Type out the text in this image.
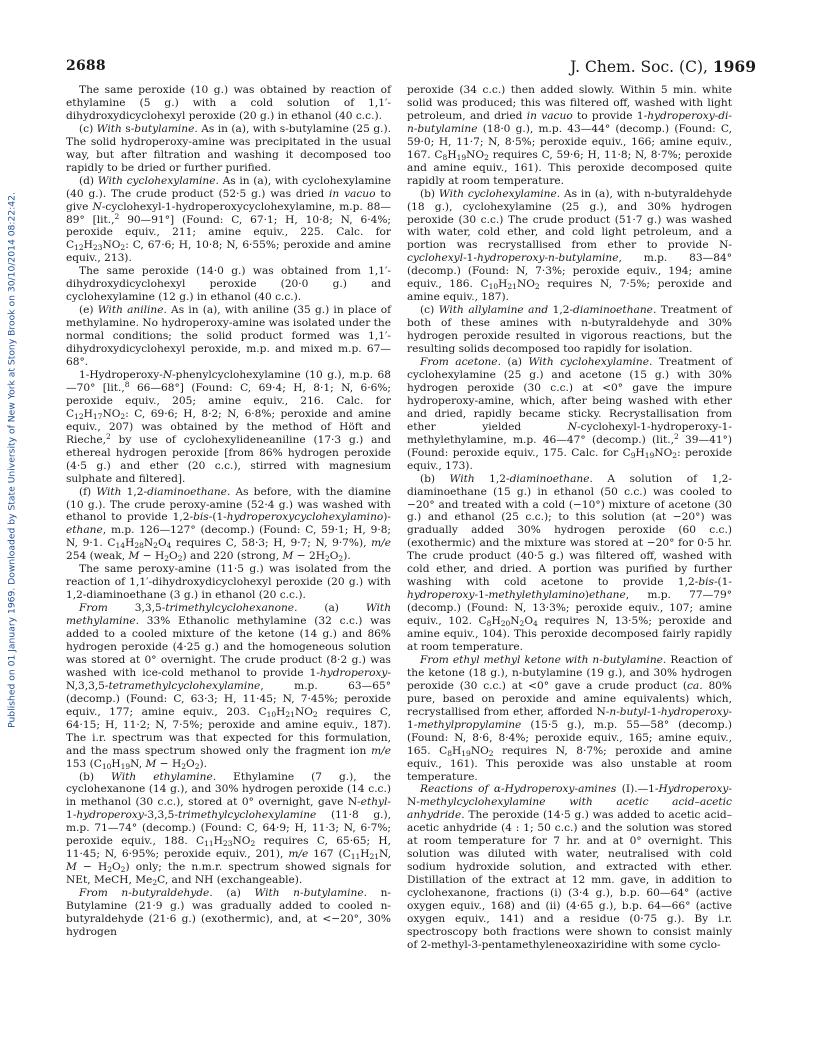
Published on 01 January 1969. Downloaded by State University of New York at Stony Brook on 30/10/2014 08:22:42.
2688	J. Chem. Soc. (C), 1969

The same peroxide (10 g.) was obtained by reaction of ethylamine (5 g.) with a cold solution of 1,1′-dihydroxydicyclohexyl peroxide (20 g.) in ethanol (40 c.c.).

(c) With s-butylamine. As in (a), with s-butylamine (25 g.). The solid hydroperoxy-amine was precipitated in the usual way, but after filtration and washing it decomposed too rapidly to be dried or further purified.

(d) With cyclohexylamine. As in (a), with cyclohexylamine (40 g.). The crude product (52·5 g.) was dried in vacuo to give N-cyclohexyl-1-hydroperoxycyclohexylamine, m.p. 88—89° [lit.,$^2$ 90—91°] (Found: C, 67·1; H, 10·8; N, 6·4%; peroxide equiv., 211; amine equiv., 225. Calc. for $C_{12}H_{23}NO_2$: C, 67·6; H, 10·8; N, 6·55%; peroxide and amine equiv., 213).

The same peroxide (14·0 g.) was obtained from 1,1′-dihydroxydicyclohexyl peroxide (20·0 g.) and cyclohexylamine (12 g.) in ethanol (40 c.c.).

(e) With aniline. As in (a), with aniline (35 g.) in place of methylamine. No hydroperoxy-amine was isolated under the normal conditions; the solid product formed was 1,1′-dihydroxydicyclohexyl peroxide, m.p. and mixed m.p. 67—68°.

1-Hydroperoxy-N-phenylcyclohexylamine (10 g.), m.p. 68—70° [lit.,$^8$ 66—68°] (Found: C, 69·4; H, 8·1; N, 6·6%; peroxide equiv., 205; amine equiv., 216. Calc. for $C_{12}H_{17}NO_2$: C, 69·6; H, 8·2; N, 6·8%; peroxide and amine equiv., 207) was obtained by the method of Höft and Rieche,$^2$ by use of cyclohexylideneaniline (17·3 g.) and ethereal hydrogen peroxide [from 86% hydrogen peroxide (4·5 g.) and ether (20 c.c.), stirred with magnesium sulphate and filtered].

(f) With 1,2-diaminoethane. As before, with the diamine (10 g.). The crude peroxy-amine (52·4 g.) was washed with ethanol to provide 1,2-bis-(1-hydroperoxycyclohexylamino)-ethane, m.p. 126—127° (decomp.) (Found: C, 59·1; H, 9·8; N, 9·1. $C_{14}H_{28}N_2O_4$ requires C, 58·3; H, 9·7; N, 9·7%), m/e 254 (weak, $M - H_2O_2$) and 220 (strong, $M - 2H_2O_2$).

The same peroxy-amine (11·5 g.) was isolated from the reaction of 1,1′-dihydroxydicyclohexyl peroxide (20 g.) with 1,2-diaminoethane (3 g.) in ethanol (20 c.c.).

From 3,3,5-trimethylcyclohexanone. (a) With methylamine. 33% Ethanolic methylamine (32 c.c.) was added to a cooled mixture of the ketone (14 g.) and 86% hydrogen peroxide (4·25 g.) and the homogeneous solution was stored at 0° overnight. The crude product (8·2 g.) was washed with ice-cold methanol to provide 1-hydroperoxy-N,3,3,5-tetramethylcyclohexylamine, m.p. 63—65° (decomp.) (Found: C, 63·3; H, 11·45; N, 7·45%; peroxide equiv., 177; amine equiv., 203. $C_{10}H_{21}NO_2$ requires C, 64·15; H, 11·2; N, 7·5%; peroxide and amine equiv., 187). The i.r. spectrum was that expected for this formulation, and the mass spectrum showed only the fragment ion m/e 153 ($C_{10}H_{19}N$, $M - H_2O_2$).

(b) With ethylamine. Ethylamine (7 g.), the cyclohexanone (14 g.), and 30% hydrogen peroxide (14 c.c.) in methanol (30 c.c.), stored at 0° overnight, gave N-ethyl-1-hydroperoxy-3,3,5-trimethylcyclohexylamine (11·8 g.), m.p. 71—74° (decomp.) (Found: C, 64·9; H, 11·3; N, 6·7%; peroxide equiv., 188. $C_{11}H_{23}NO_2$ requires C, 65·65; H, 11·45; N, 6·95%; peroxide equiv., 201), m/e 167 ($C_{11}H_{21}N$, $M - H_2O_2$) only; the n.m.r. spectrum showed signals for NEt, MeCH, $Me_2C$, and NH (exchangeable).

From n-butyraldehyde. (a) With n-butylamine. n-Butylamine (21·9 g.) was gradually added to cooled n-butyraldehyde (21·6 g.) (exothermic), and, at <−20°, 30% hydrogen

peroxide (34 c.c.) then added slowly. Within 5 min. white solid was produced; this was filtered off, washed with light petroleum, and dried in vacuo to provide 1-hydroperoxy-di-n-butylamine (18·0 g.), m.p. 43—44° (decomp.) (Found: C, 59·0; H, 11·7; N, 8·5%; peroxide equiv., 166; amine equiv., 167. $C_8H_{19}NO_2$ requires C, 59·6; H, 11·8; N, 8·7%; peroxide and amine equiv., 161). This peroxide decomposed quite rapidly at room temperature.

(b) With cyclohexylamine. As in (a), with n-butyraldehyde (18 g.), cyclohexylamine (25 g.), and 30% hydrogen peroxide (30 c.c.) The crude product (51·7 g.) was washed with water, cold ether, and cold light petroleum, and a portion was recrystallised from ether to provide N-cyclohexyl-1-hydroperoxy-n-butylamine, m.p. 83—84° (decomp.) (Found: N, 7·3%; peroxide equiv., 194; amine equiv., 186. $C_{10}H_{21}NO_2$ requires N, 7·5%; peroxide and amine equiv., 187).

(c) With allylamine and 1,2-diaminoethane. Treatment of both of these amines with n-butyraldehyde and 30% hydrogen peroxide resulted in vigorous reactions, but the resulting solids decomposed too rapidly for isolation.

From acetone. (a) With cyclohexylamine. Treatment of cyclohexylamine (25 g.) and acetone (15 g.) with 30% hydrogen peroxide (30 c.c.) at <0° gave the impure hydroperoxy-amine, which, after being washed with ether and dried, rapidly became sticky. Recrystallisation from ether yielded N-cyclohexyl-1-hydroperoxy-1-methylethylamine, m.p. 46—47° (decomp.) (lit.,$^2$ 39—41°) (Found: peroxide equiv., 175. Calc. for $C_9H_{19}NO_2$: peroxide equiv., 173).

(b) With 1,2-diaminoethane. A solution of 1,2-diaminoethane (15 g.) in ethanol (50 c.c.) was cooled to −20° and treated with a cold (−10°) mixture of acetone (30 g.) and ethanol (25 c.c.); to this solution (at −20°) was gradually added 30% hydrogen peroxide (60 c.c.) (exothermic) and the mixture was stored at −20° for 0·5 hr. The crude product (40·5 g.) was filtered off, washed with cold ether, and dried. A portion was purified by further washing with cold acetone to provide 1,2-bis-(1-hydroperoxy-1-methylethylamino)ethane, m.p. 77—79° (decomp.) (Found: N, 13·3%; peroxide equiv., 107; amine equiv., 102. $C_8H_{20}N_2O_4$ requires N, 13·5%; peroxide and amine equiv., 104). This peroxide decomposed fairly rapidly at room temperature.

From ethyl methyl ketone with n-butylamine. Reaction of the ketone (18 g.), n-butylamine (19 g.), and 30% hydrogen peroxide (30 c.c.) at <0° gave a crude product (ca. 80% pure, based on peroxide and amine equivalents) which, recrystallised from ether, afforded N-n-butyl-1-hydroperoxy-1-methylpropylamine (15·5 g.), m.p. 55—58° (decomp.) (Found: N, 8·6, 8·4%; peroxide equiv., 165; amine equiv., 165. $C_8H_{19}NO_2$ requires N, 8·7%; peroxide and amine equiv., 161). This peroxide was also unstable at room temperature.

Reactions of α-Hydroperoxy-amines (I).—1-Hydroperoxy-N-methylcyclohexylamine with acetic acid–acetic anhydride. The peroxide (14·5 g.) was added to acetic acid–acetic anhydride (4 : 1; 50 c.c.) and the solution was stored at room temperature for 7 hr. and at 0° overnight. This solution was diluted with water, neutralised with cold sodium hydroxide solution, and extracted with ether. Distillation of the extract at 12 mm. gave, in addition to cyclohexanone, fractions (i) (3·4 g.), b.p. 60—64° (active oxygen equiv., 168) and (ii) (4·65 g.), b.p. 64—66° (active oxygen equiv., 141) and a residue (0·75 g.). By i.r. spectroscopy both fractions were shown to consist mainly of 2-methyl-3-pentamethyleneoxaziridine with some cyclo-
